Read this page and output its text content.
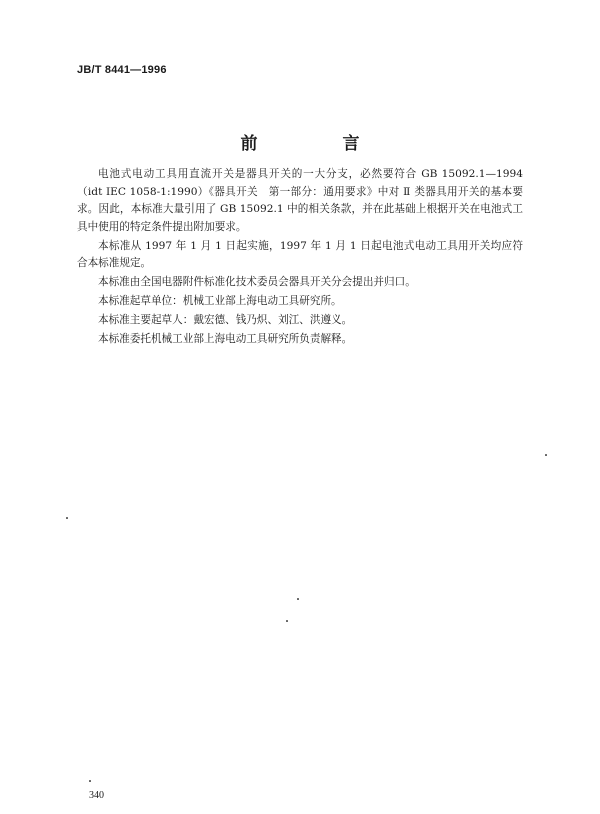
JB/T 8441—1996
前　言

电池式电动工具用直流开关是器具开关的一大分支，必然要符合 GB 15092.1—1994（idt IEC 1058-1:1990）《器具开关　第一部分：通用要求》中对 Ⅱ 类器具用开关的基本要求。因此，本标准大量引用了 GB 15092.1 中的相关条款，并在此基础上根据开关在电池式工具中使用的特定条件提出附加要求。

本标准从 1997 年 1 月 1 日起实施，1997 年 1 月 1 日起电池式电动工具用开关均应符合本标准规定。

本标准由全国电器附件标准化技术委员会器具开关分会提出并归口。

本标准起草单位：机械工业部上海电动工具研究所。

本标准主要起草人：戴宏德、钱乃炽、刘江、洪遵义。

本标准委托机械工业部上海电动工具研究所负责解释。

340
